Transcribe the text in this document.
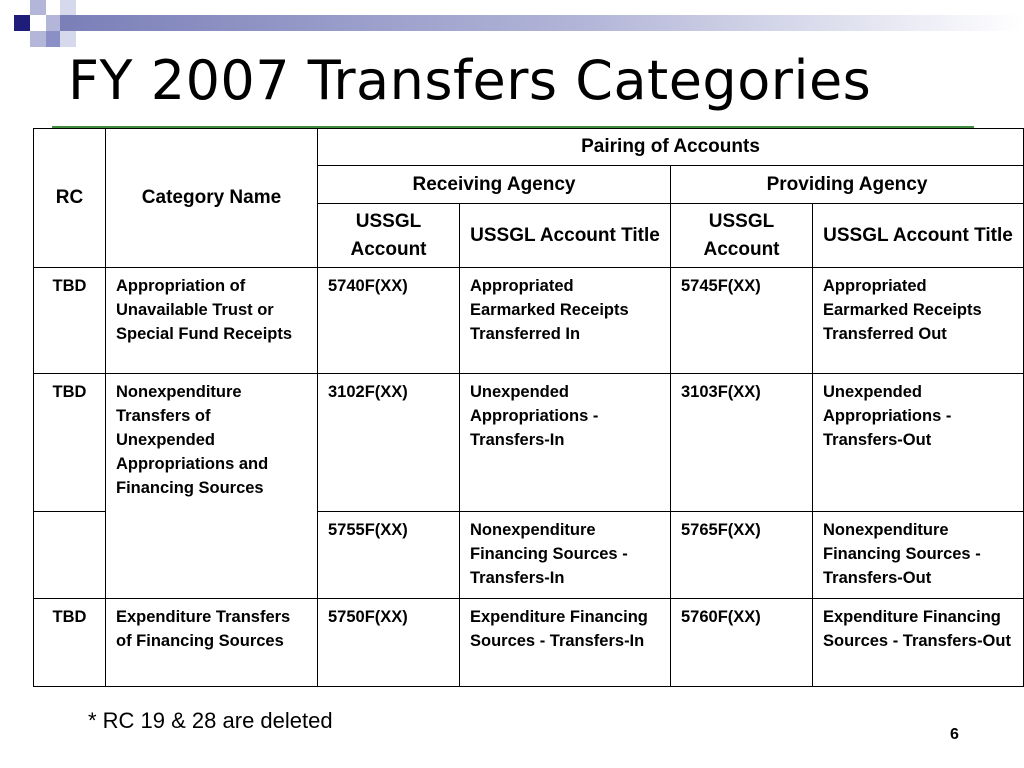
FY 2007 Transfers Categories
RC	Category Name	Pairing of Accounts			
		Receiving Agency		Providing Agency	
		USSGL Account	USSGL Account Title	USSGL Account	USSGL Account Title
TBD	Appropriation of Unavailable Trust or Special Fund Receipts	5740F(XX)	Appropriated Earmarked Receipts Transferred In	5745F(XX)	Appropriated Earmarked Receipts Transferred Out
TBD	Nonexpenditure Transfers of Unexpended Appropriations and Financing Sources	3102F(XX)	Unexpended Appropriations - Transfers-In	3103F(XX)	Unexpended Appropriations - Transfers-Out
		5755F(XX)	Nonexpenditure Financing Sources - Transfers-In	5765F(XX)	Nonexpenditure Financing Sources - Transfers-Out
TBD	Expenditure Transfers of Financing Sources	5750F(XX)	Expenditure Financing Sources - Transfers-In	5760F(XX)	Expenditure Financing Sources - Transfers-Out
* RC 19 & 28 are deleted
6
